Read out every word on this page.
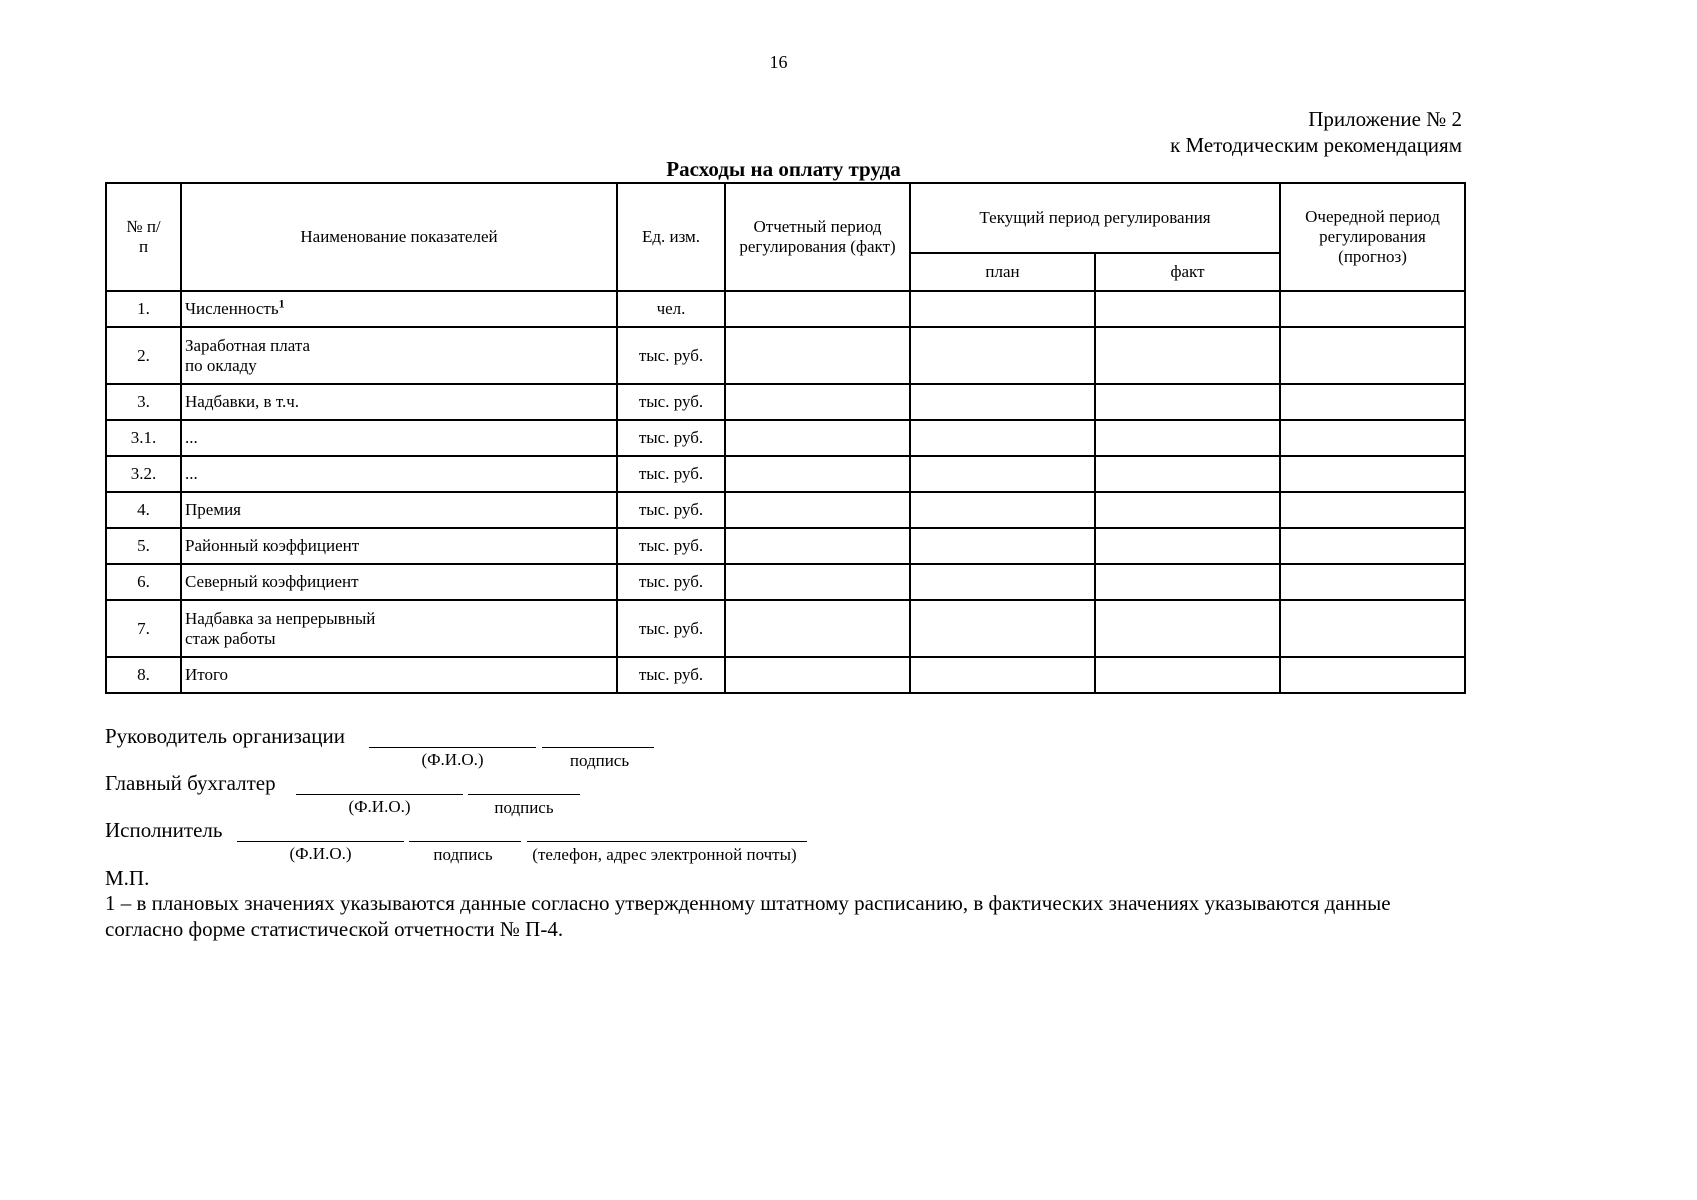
16
Приложение № 2
к Методическим рекомендациям
Расходы на оплату труда
№ п/п	Наименование показателей	Ед. изм.	Отчетный период регулирования (факт)	Текущий период регулирования		Очередной период регулирования (прогноз)
				план	факт	
1.	Численность$^1$	чел.				
2.	Заработная плата
по окладу	тыс. руб.				
3.	Надбавки, в т.ч.	тыс. руб.				
3.1.	...	тыс. руб.				
3.2.	...	тыс. руб.				
4.	Премия	тыс. руб.				
5.	Районный коэффициент	тыс. руб.				
6.	Северный коэффициент	тыс. руб.				
7.	Надбавка за непрерывный
стаж работы	тыс. руб.				
8.	Итого	тыс. руб.				
Руководитель организации
(Ф.И.О.)	подпись
Главный бухгалтер
(Ф.И.О.)	подпись
Исполнитель
(Ф.И.О.)	подпись	(телефон, адрес электронной почты)
М.П.
1 – в плановых значениях указываются данные согласно утвержденному штатному расписанию, в фактических значениях указываются данные согласно форме статистической отчетности № П-4.
